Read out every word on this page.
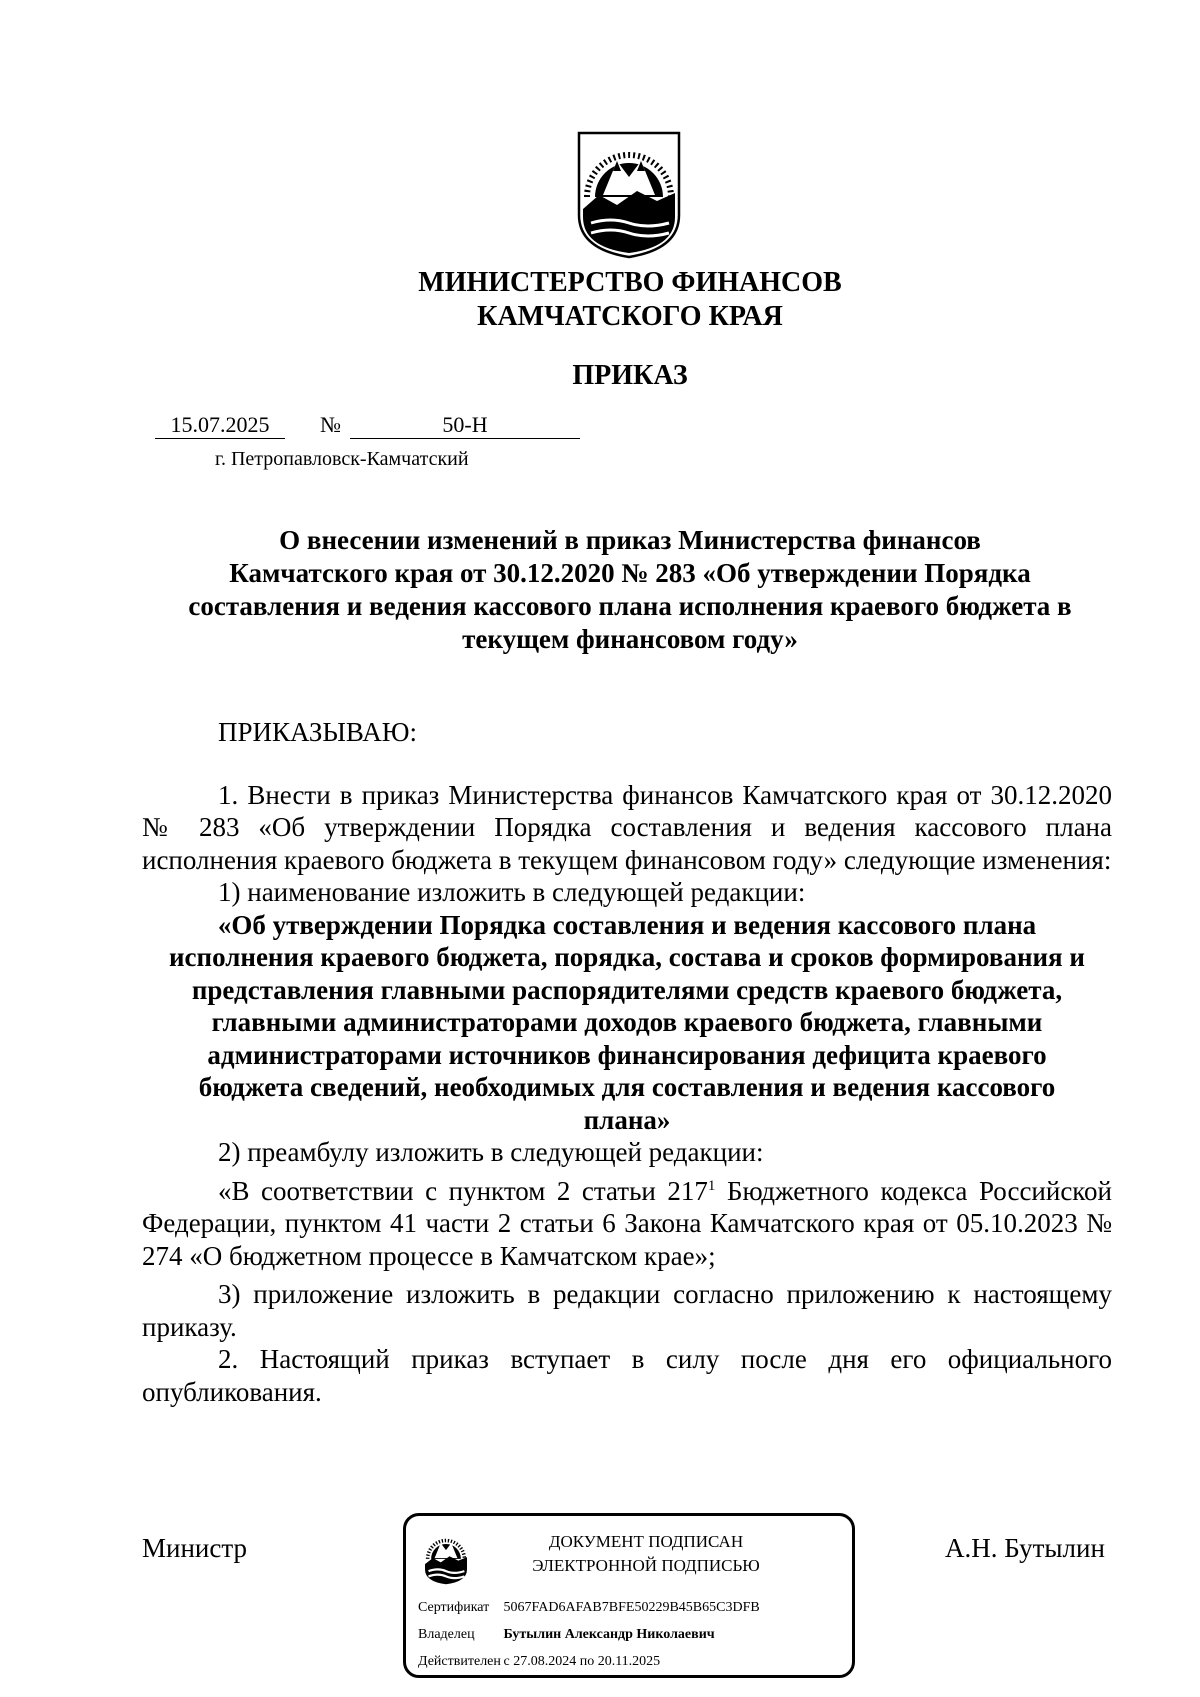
МИНИСТЕРСТВО ФИНАНСОВ
КАМЧАТСКОГО КРАЯ
ПРИКАЗ
15.07.2025	№	50-Н
г. Петропавловск-Камчатский

О внесении изменений в приказ Министерства финансов

Камчатского края от 30.12.2020 № 283 «Об утверждении Порядка

составления и ведения кассового плана исполнения краевого бюджета в

текущем финансовом году»

ПРИКАЗЫВАЮ:

1. Внести в приказ Министерства финансов Камчатского края от 30.12.2020 № 283 «Об утверждении Порядка составления и ведения кассового плана исполнения краевого бюджета в текущем финансовом году» следующие изменения:

1) наименование изложить в следующей редакции:

«Об утверждении Порядка составления и ведения кассового плана исполнения краевого бюджета, порядка, состава и сроков формирования и представления главными распорядителями средств краевого бюджета, главными администраторами доходов краевого бюджета, главными администраторами источников финансирования дефицита краевого бюджета сведений, необходимых для составления и ведения кассового плана»

2) преамбулу изложить в следующей редакции:

«В соответствии с пунктом 2 статьи $217^1$ Бюджетного кодекса Российской Федерации, пунктом 41 части 2 статьи 6 Закона Камчатского края от 05.10.2023 № 274 «О бюджетном процессе в Камчатском крае»;

3) приложение изложить в редакции согласно приложению к настоящему приказу.

2. Настоящий приказ вступает в силу после дня его официального опубликования.

Министр	А.Н. Бутылин
ДОКУМЕНТ ПОДПИСАН
ЭЛЕКТРОННОЙ ПОДПИСЬЮ
Сертификат 5067FAD6AFAB7BFE50229B45B65C3DFB
Владелец Бутылин Александр Николаевич
Действителен с 27.08.2024 по 20.11.2025
